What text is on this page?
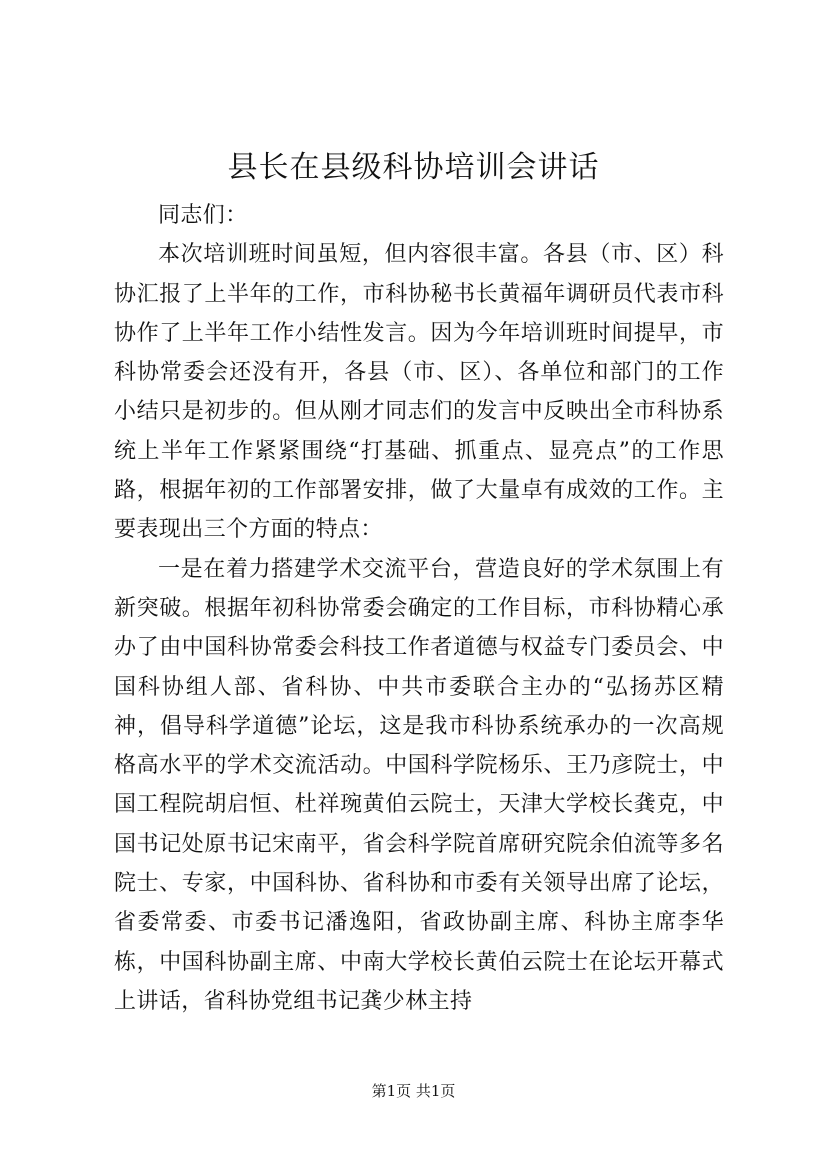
县长在县级科协培训会讲话

同志们：

本次培训班时间虽短，但内容很丰富。各县（市、区）科协汇报了上半年的工作，市科协秘书长黄福年调研员代表市科协作了上半年工作小结性发言。因为今年培训班时间提早，市科协常委会还没有开，各县（市、区）、各单位和部门的工作小结只是初步的。但从刚才同志们的发言中反映出全市科协系统上半年工作紧紧围绕“打基础、抓重点、显亮点”的工作思路，根据年初的工作部署安排，做了大量卓有成效的工作。主要表现出三个方面的特点：

一是在着力搭建学术交流平台，营造良好的学术氛围上有新突破。根据年初科协常委会确定的工作目标，市科协精心承办了由中国科协常委会科技工作者道德与权益专门委员会、中国科协组人部、省科协、中共市委联合主办的“弘扬苏区精神，倡导科学道德”论坛，这是我市科协系统承办的一次高规格高水平的学术交流活动。中国科学院杨乐、王乃彦院士，中国工程院胡启恒、杜祥琬黄伯云院士，天津大学校长龚克，中国书记处原书记宋南平，省会科学院首席研究院余伯流等多名院士、专家，中国科协、省科协和市委有关领导出席了论坛，省委常委、市委书记潘逸阳，省政协副主席、科协主席李华栋，中国科协副主席、中南大学校长黄伯云院士在论坛开幕式上讲话，省科协党组书记龚少林主持

第1页 共1页
